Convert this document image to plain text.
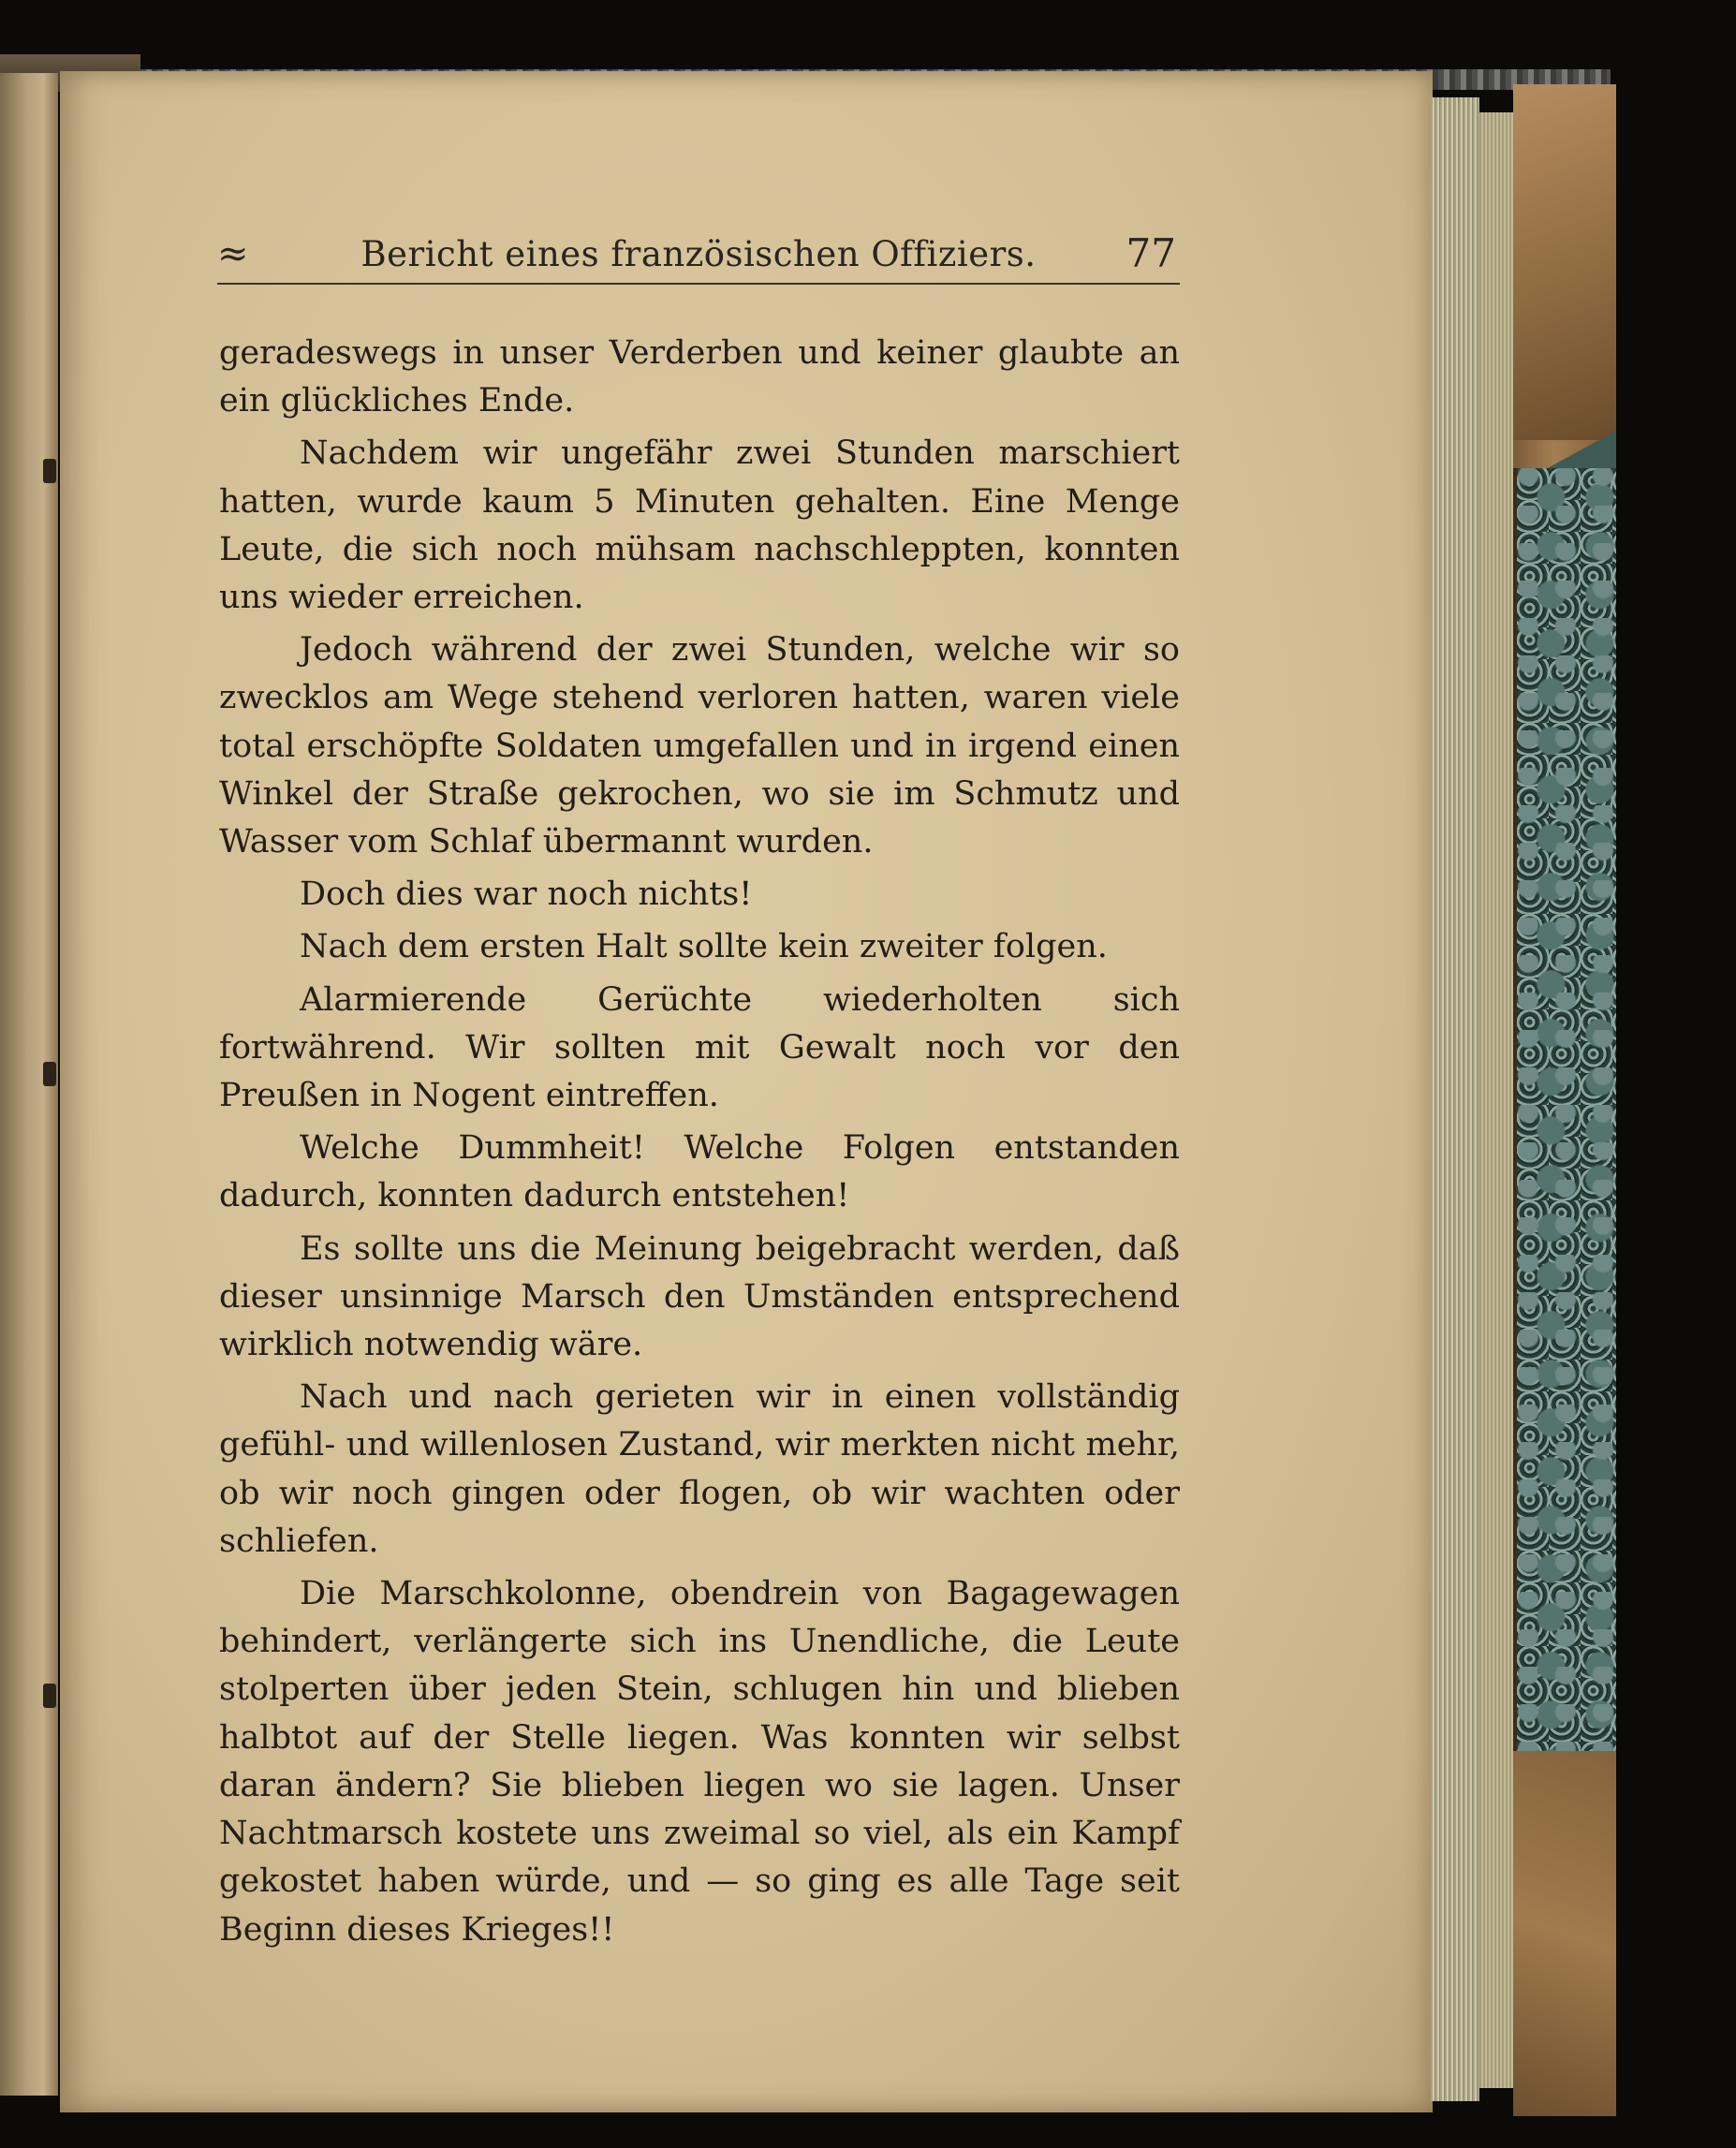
≈	Bericht eines französischen Offiziers.	77

geradeswegs in unser Verderben und keiner glaubte an ein glückliches Ende.

Nachdem wir ungefähr zwei Stunden marschiert hatten, wurde kaum 5 Minuten gehalten. Eine Menge Leute, die sich noch mühsam nachschleppten, konnten uns wieder erreichen.

Jedoch während der zwei Stunden, welche wir so zwecklos am Wege stehend verloren hatten, waren viele total erschöpfte Soldaten umgefallen und in irgend einen Winkel der Straße gekrochen, wo sie im Schmutz und Wasser vom Schlaf übermannt wurden.

Doch dies war noch nichts!

Nach dem ersten Halt sollte kein zweiter folgen.

Alarmierende Gerüchte wiederholten sich fortwährend. Wir sollten mit Gewalt noch vor den Preußen in Nogent eintreffen.

Welche Dummheit! Welche Folgen entstanden dadurch, konnten dadurch entstehen!

Es sollte uns die Meinung beigebracht werden, daß dieser unsinnige Marsch den Umständen entsprechend wirklich notwendig wäre.

Nach und nach gerieten wir in einen vollständig gefühl- und willenlosen Zustand, wir merkten nicht mehr, ob wir noch gingen oder flogen, ob wir wachten oder schliefen.

Die Marschkolonne, obendrein von Bagagewagen behindert, verlängerte sich ins Unendliche, die Leute stolperten über jeden Stein, schlugen hin und blieben halbtot auf der Stelle liegen. Was konnten wir selbst daran ändern? Sie blieben liegen wo sie lagen. Unser Nachtmarsch kostete uns zweimal so viel, als ein Kampf gekostet haben würde, und — so ging es alle Tage seit Beginn dieses Krieges!!
